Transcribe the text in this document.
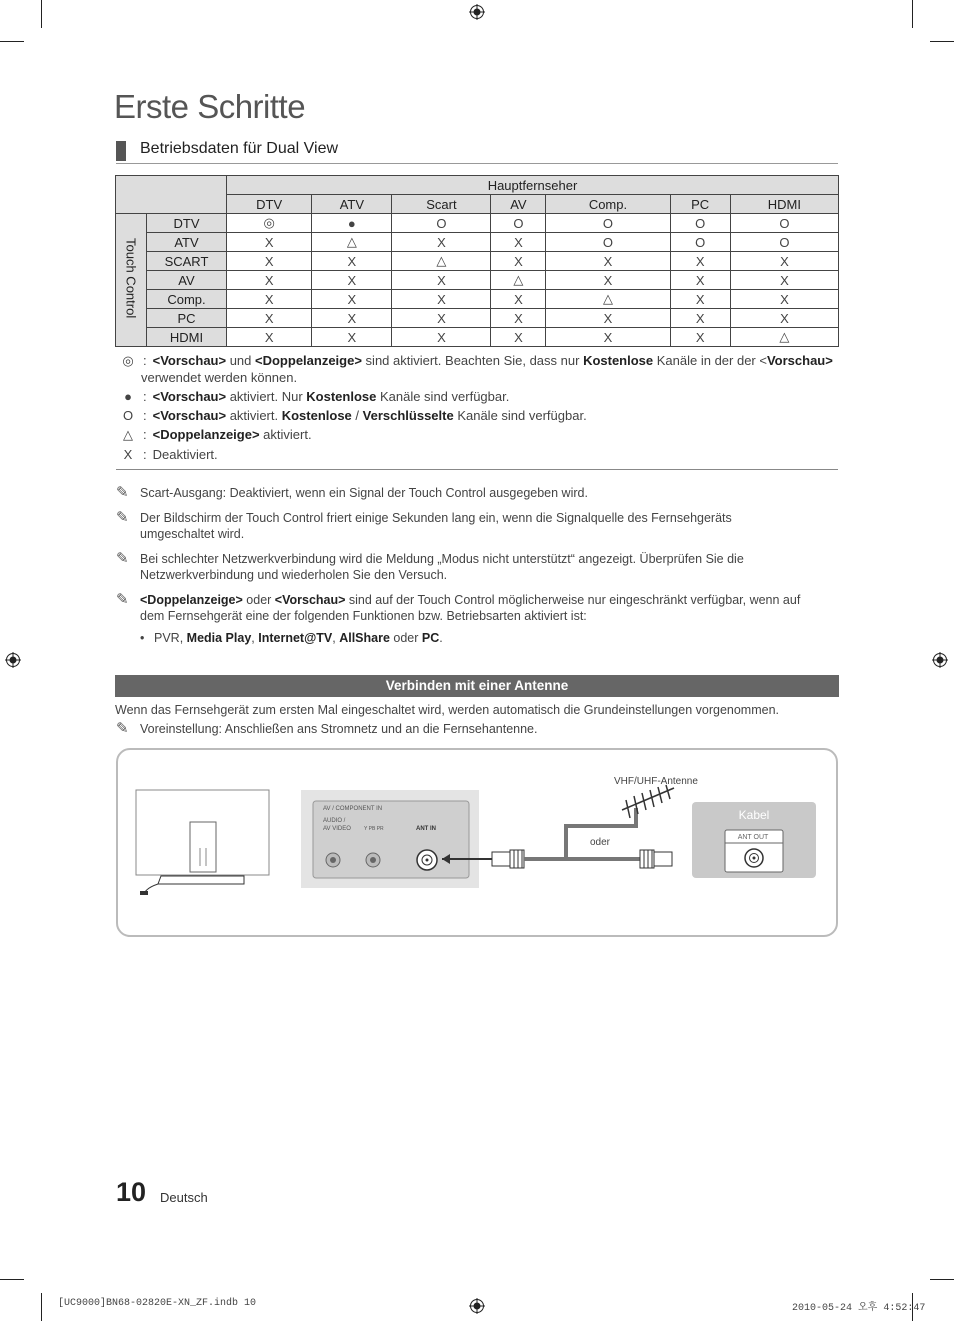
Erste Schritte
Betriebsdaten für Dual View
		Hauptfernseher						
		DTV	ATV	Scart	AV	Comp.	PC	HDMI
Touch Control	DTV	◎	●	O	O	O	O	O
	ATV	X	△	X	X	O	O	O
	SCART	X	X	△	X	X	X	X
	AV	X	X	X	△	X	X	X
	Comp.	X	X	X	X	△	X	X
	PC	X	X	X	X	X	X	X
	HDMI	X	X	X	X	X	X	△
◎ : <Vorschau> und <Doppelanzeige> sind aktiviert. Beachten Sie, dass nur Kostenlose Kanäle in der der <Vorschau>
verwendet werden können.
● : <Vorschau> aktiviert. Nur Kostenlose Kanäle sind verfügbar.
O : <Vorschau> aktiviert. Kostenlose / Verschlüsselte Kanäle sind verfügbar.
△ : <Doppelanzeige> aktiviert.
X : Deaktiviert.
✎ Scart-Ausgang: Deaktiviert, wenn ein Signal der Touch Control ausgegeben wird.
✎ Der Bildschirm der Touch Control friert einige Sekunden lang ein, wenn die Signalquelle des Fernsehgeräts
umgeschaltet wird.
✎ Bei schlechter Netzwerkverbindung wird die Meldung „Modus nicht unterstützt“ angezeigt. Überprüfen Sie die
Netzwerkverbindung und wiederholen Sie den Versuch.
✎ <Doppelanzeige> oder <Vorschau> sind auf der Touch Control möglicherweise nur eingeschränkt verfügbar, wenn auf
dem Fernsehgerät eine der folgenden Funktionen bzw. Betriebsarten aktiviert ist:
• PVR, Media Play, Internet@TV, AllShare oder PC.
Verbinden mit einer Antenne
Wenn das Fernsehgerät zum ersten Mal eingeschaltet wird, werden automatisch die Grundeinstellungen vorgenommen.
✎ Voreinstellung: Anschließen ans Stromnetz und an die Fernsehantenne.
AV / COMPONENT IN
AUDIO /
AV VIDEO	Y PB PR	ANT IN
VHF/UHF-Antenne
oder
Kabel
ANT OUT
10 Deutsch
[UC9000]BN68-02820E-XN_ZF.indb 10	2010-05-24 오후 4:52:47
